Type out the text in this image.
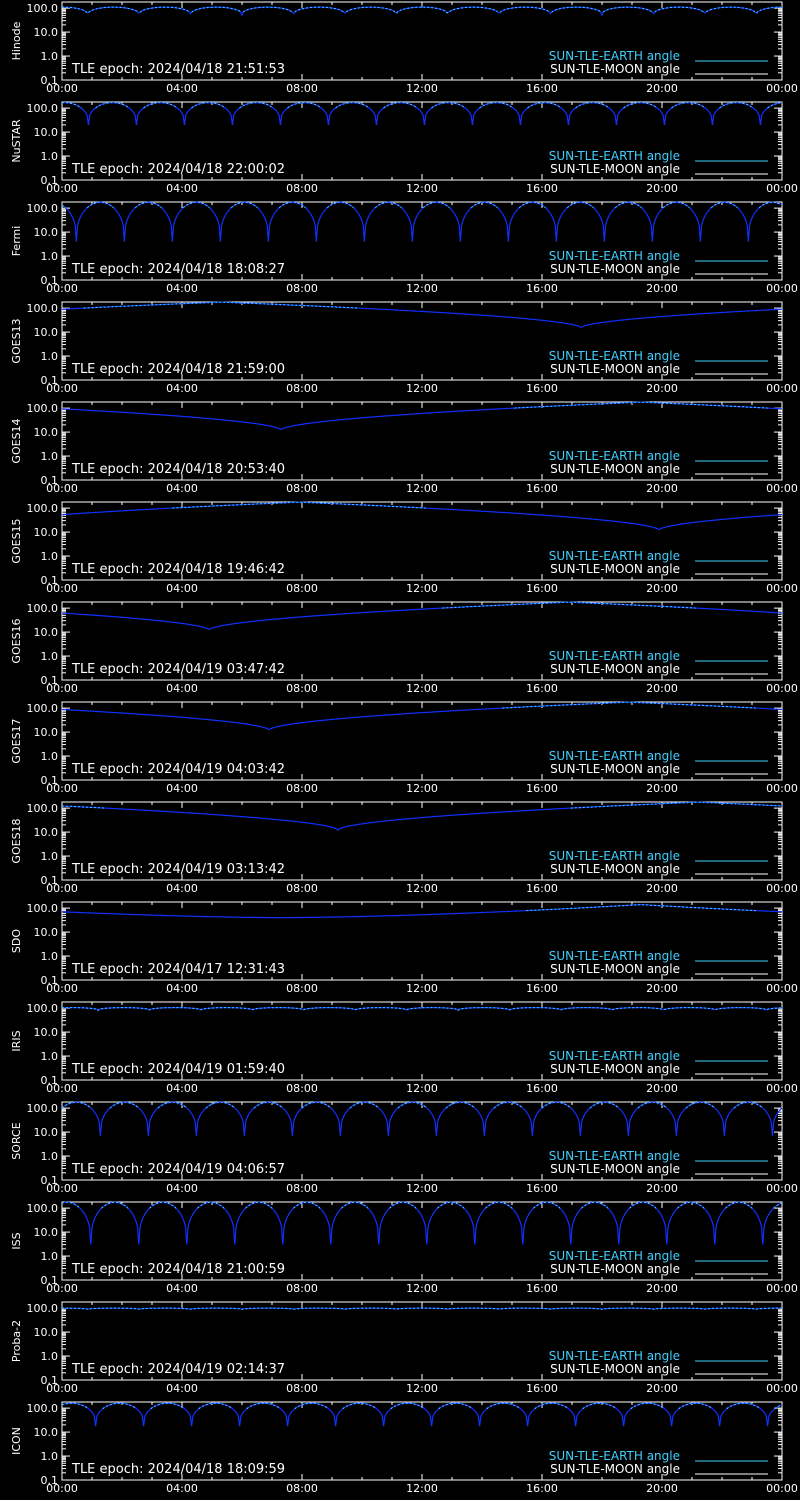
00:00	04:00	08:00	12:00	16:00	20:00	00:00
100.0
10.0
1.0
0.1
Hinode
TLE epoch: 2024/04/18 21:51:53
SUN-TLE-EARTH angle
SUN-TLE-MOON angle
00:00	04:00	08:00	12:00	16:00	20:00	00:00
100.0
10.0
1.0
0.1
NuSTAR
TLE epoch: 2024/04/18 22:00:02
SUN-TLE-EARTH angle
SUN-TLE-MOON angle
00:00	04:00	08:00	12:00	16:00	20:00	00:00
100.0
10.0
1.0
0.1
Fermi
TLE epoch: 2024/04/18 18:08:27
SUN-TLE-EARTH angle
SUN-TLE-MOON angle
00:00	04:00	08:00	12:00	16:00	20:00	00:00
100.0
10.0
1.0
0.1
GOES13
TLE epoch: 2024/04/18 21:59:00
SUN-TLE-EARTH angle
SUN-TLE-MOON angle
00:00	04:00	08:00	12:00	16:00	20:00	00:00
100.0
10.0
1.0
0.1
GOES14
TLE epoch: 2024/04/18 20:53:40
SUN-TLE-EARTH angle
SUN-TLE-MOON angle
00:00	04:00	08:00	12:00	16:00	20:00	00:00
100.0
10.0
1.0
0.1
GOES15
TLE epoch: 2024/04/18 19:46:42
SUN-TLE-EARTH angle
SUN-TLE-MOON angle
00:00	04:00	08:00	12:00	16:00	20:00	00:00
100.0
10.0
1.0
0.1
GOES16
TLE epoch: 2024/04/19 03:47:42
SUN-TLE-EARTH angle
SUN-TLE-MOON angle
00:00	04:00	08:00	12:00	16:00	20:00	00:00
100.0
10.0
1.0
0.1
GOES17
TLE epoch: 2024/04/19 04:03:42
SUN-TLE-EARTH angle
SUN-TLE-MOON angle
00:00	04:00	08:00	12:00	16:00	20:00	00:00
100.0
10.0
1.0
0.1
GOES18
TLE epoch: 2024/04/19 03:13:42
SUN-TLE-EARTH angle
SUN-TLE-MOON angle
00:00	04:00	08:00	12:00	16:00	20:00	00:00
100.0
10.0
1.0
0.1
SDO
TLE epoch: 2024/04/17 12:31:43
SUN-TLE-EARTH angle
SUN-TLE-MOON angle
00:00	04:00	08:00	12:00	16:00	20:00	00:00
100.0
10.0
1.0
0.1
IRIS
TLE epoch: 2024/04/19 01:59:40
SUN-TLE-EARTH angle
SUN-TLE-MOON angle
00:00	04:00	08:00	12:00	16:00	20:00	00:00
100.0
10.0
1.0
0.1
SORCE
TLE epoch: 2024/04/19 04:06:57
SUN-TLE-EARTH angle
SUN-TLE-MOON angle
00:00	04:00	08:00	12:00	16:00	20:00	00:00
100.0
10.0
1.0
0.1
ISS
TLE epoch: 2024/04/18 21:00:59
SUN-TLE-EARTH angle
SUN-TLE-MOON angle
00:00	04:00	08:00	12:00	16:00	20:00	00:00
100.0
10.0
1.0
0.1
Proba-2
TLE epoch: 2024/04/19 02:14:37
SUN-TLE-EARTH angle
SUN-TLE-MOON angle
00:00	04:00	08:00	12:00	16:00	20:00	00:00
100.0
10.0
1.0
0.1
ICON
TLE epoch: 2024/04/18 18:09:59
SUN-TLE-EARTH angle
SUN-TLE-MOON angle
